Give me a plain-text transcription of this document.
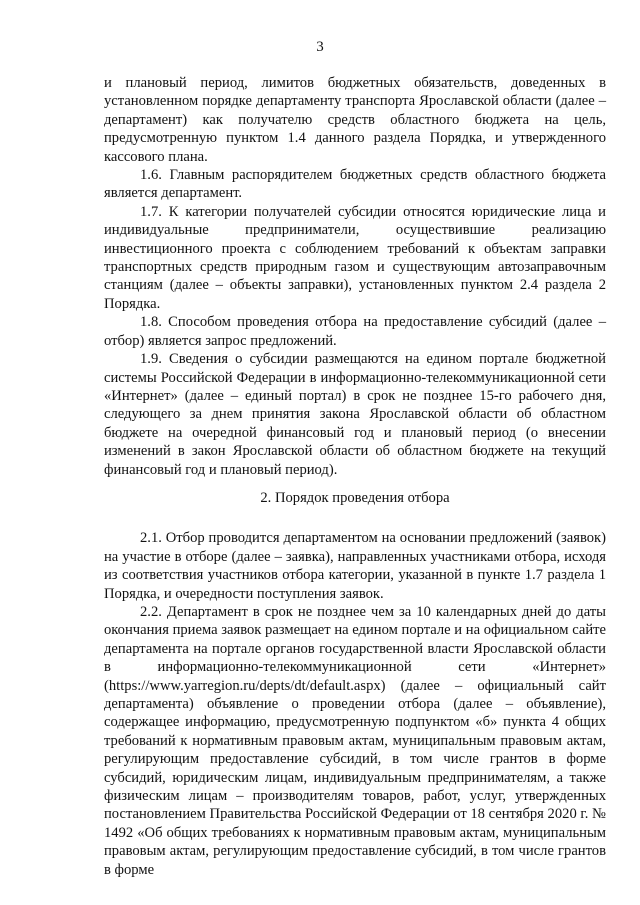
3

и плановый период, лимитов бюджетных обязательств, доведенных в установленном порядке департаменту транспорта Ярославской области (далее – департамент) как получателю средств областного бюджета на цель, предусмотренную пунктом 1.4 данного раздела Порядка, и утвержденного кассового плана.

1.6. Главным распорядителем бюджетных средств областного бюджета является департамент.

1.7. К категории получателей субсидии относятся юридические лица и индивидуальные предприниматели, осуществившие реализацию инвестиционного проекта с соблюдением требований к объектам заправки транспортных средств природным газом и существующим автозаправочным станциям (далее – объекты заправки), установленных пунктом 2.4 раздела 2 Порядка.

1.8. Способом проведения отбора на предоставление субсидий (далее – отбор) является запрос предложений.

1.9. Сведения о субсидии размещаются на едином портале бюджетной системы Российской Федерации в информационно-телекоммуникационной сети «Интернет» (далее – единый портал) в срок не позднее 15-го рабочего дня, следующего за днем принятия закона Ярославской области об областном бюджете на очередной финансовый год и плановый период (о внесении изменений в закон Ярославской области об областном бюджете на текущий финансовый год и плановый период).

2. Порядок проведения отбора

2.1. Отбор проводится департаментом на основании предложений (заявок) на участие в отборе (далее – заявка), направленных участниками отбора, исходя из соответствия участников отбора категории, указанной в пункте 1.7 раздела 1 Порядка, и очередности поступления заявок.

2.2. Департамент в срок не позднее чем за 10 календарных дней до даты окончания приема заявок размещает на едином портале и на официальном сайте департамента на портале органов государственной власти Ярославской области в информационно-телекоммуникационной сети «Интернет» (https://www.yarregion.ru/depts/dt/default.aspx) (далее – официальный сайт департамента) объявление о проведении отбора (далее – объявление), содержащее информацию, предусмотренную подпунктом «б» пункта 4 общих требований к нормативным правовым актам, муниципальным правовым актам, регулирующим предоставление субсидий, в том числе грантов в форме субсидий, юридическим лицам, индивидуальным предпринимателям, а также физическим лицам – производителям товаров, работ, услуг, утвержденных постановлением Правительства Российской Федерации от 18 сентября 2020 г. № 1492 «Об общих требованиях к нормативным правовым актам, муниципальным правовым актам, регулирующим предоставление субсидий, в том числе грантов в форме
